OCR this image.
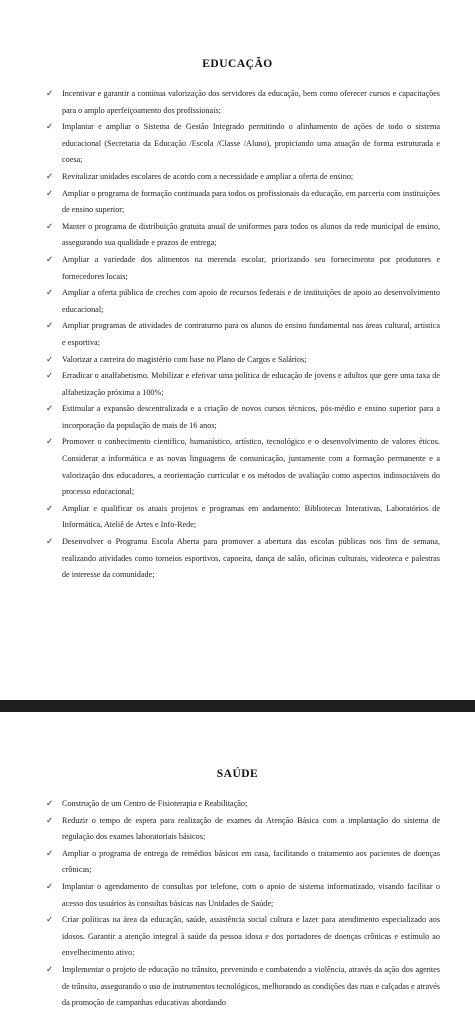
EDUCAÇÃO
✓ Incentivar e garantir a contínua valorização dos servidores da educação, bem como oferecer cursos e capacitações para o amplo aperfeiçoamento dos profissionais;
✓ Implantar e ampliar o Sistema de Gestão Integrado permitindo o alinhamento de ações de todo o sistema educacional (Secretaria da Educação /Escola /Classe /Aluno), propiciando uma atuação de forma estruturada e coesa;
✓ Revitalizar unidades escolares de acordo com a necessidade e ampliar a oferta de ensino;
✓ Ampliar o programa de formação continuada para todos os profissionais da educação, em parceria com instituições de ensino superior;
✓ Manter o programa de distribuição gratuita anual de uniformes para todos os alunos da rede municipal de ensino, assegurando sua qualidade e prazos de entrega;
✓ Ampliar a variedade dos alimentos na merenda escolar, priorizando seu fornecimento por produtores e fornecedores locais;
✓ Ampliar a oferta pública de creches com apoio de recursos federais e de instituições de apoio ao desenvolvimento educacional;
✓ Ampliar programas de atividades de contraturno para os alunos do ensino fundamental nas áreas cultural, artística e esportiva;
✓ Valorizar a carreira do magistério com base no Plano de Cargos e Salários;
✓ Erradicar o analfabetismo. Mobilizar e efetivar uma política de educação de jovens e adultos que gere uma taxa de alfabetização próxima a 100%;
✓ Estimular a expansão descentralizada e a criação de novos cursos técnicos, pós-médio e ensino superior para a incorporação da população de mais de 16 anos;
✓ Promover o conhecimento científico, humanístico, artístico, tecnológico e o desenvolvimento de valores éticos. Considerar a informática e as novas linguagens de comunicação, juntamente com a formação permanente e a valorização dos educadores, a reorientação curricular e os métodos de avaliação como aspectos indissociáveis do processo educacional;
✓ Ampliar e qualificar os atuais projetos e programas em andamento: Bibliotecas Interativas, Laboratórios de Informática, Ateliê de Artes e Info-Rede;
✓ Desenvolver o Programa Escola Aberta para promover a abertura das escolas públicas nos fins de semana, realizando atividades como torneios esportivos, capoeira, dança de salão, oficinas culturais, videoteca e palestras de interesse da comunidade;
SAÚDE
✓ Construção de um Centro de Fisioterapia e Reabilitação;
✓ Reduzir o tempo de espera para realização de exames da Atenção Básica com a implantação do sistema de regulação dos exames laboratoriais básicos;
✓ Ampliar o programa de entrega de remédios básicos em casa, facilitando o tratamento aos pacientes de doenças crônicas;
✓ Implantar o agendamento de consultas por telefone, com o apoio de sistema informatizado, visando facilitar o acesso dos usuários às consultas básicas nas Unidades de Saúde;
✓ Criar políticas na área da educação, saúde, assistência social cultura e lazer para atendimento especializado aos idosos. Garantir a atenção integral à saúde da pessoa idosa e dos portadores de doenças crônicas e estímulo ao envelhecimento ativo;
✓ Implementar o projeto de educação no trânsito, prevenindo e combatendo a violência, através da ação dos agentes de trânsito, assegurando o uso de instrumentos tecnológicos, melhorando as condições das ruas e calçadas e através da promoção de campanhas educativas abordando
